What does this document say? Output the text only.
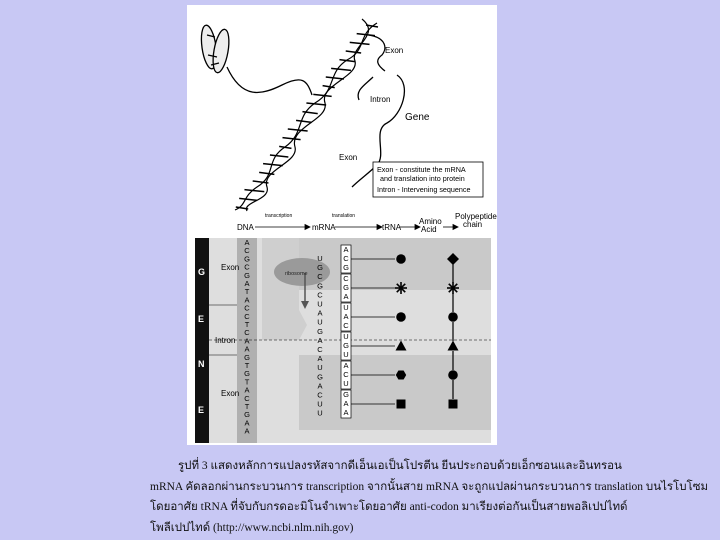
Exon
Intron
Gene
Exon
Exon - constitute the mRNA
and translation into protein
Intron - Intervening sequence
DNA	mRNA	tRNA
Amino
Acid
Polypeptide
chain
transcription	translation
G
E
N
E
Exon
Intron
Exon
ribosome
A
C
G
C
G
A
T
A
C
C
T
C
A
A
G
T
G
T
A
C
T
G
A
A
U
G
C
G
C
U
A
U
G
A
C
A
U
G
A
C
U
U
A
C
G
C
G
A
U
A
C
U
G
U
A
C
U
G
A
A
รูปที่ 3 แสดงหลักการแปลงรหัสจากดีเอ็นเอเป็นโปรตีน ยีนประกอบด้วยเอ็กซอนและอินทรอน
mRNA คัดลอกผ่านกระบวนการ transcription จากนั้นสาย mRNA จะถูกแปลผ่านกระบวนการ translation บนไรโบโซม
โดยอาศัย tRNA ที่จับกับกรดอะมิโนจำเพาะโดยอาศัย anti-codon มาเรียงต่อกันเป็นสายพอลิเปปไทด์
โพลีเปปไทด์ (http://www.ncbi.nlm.nih.gov)
